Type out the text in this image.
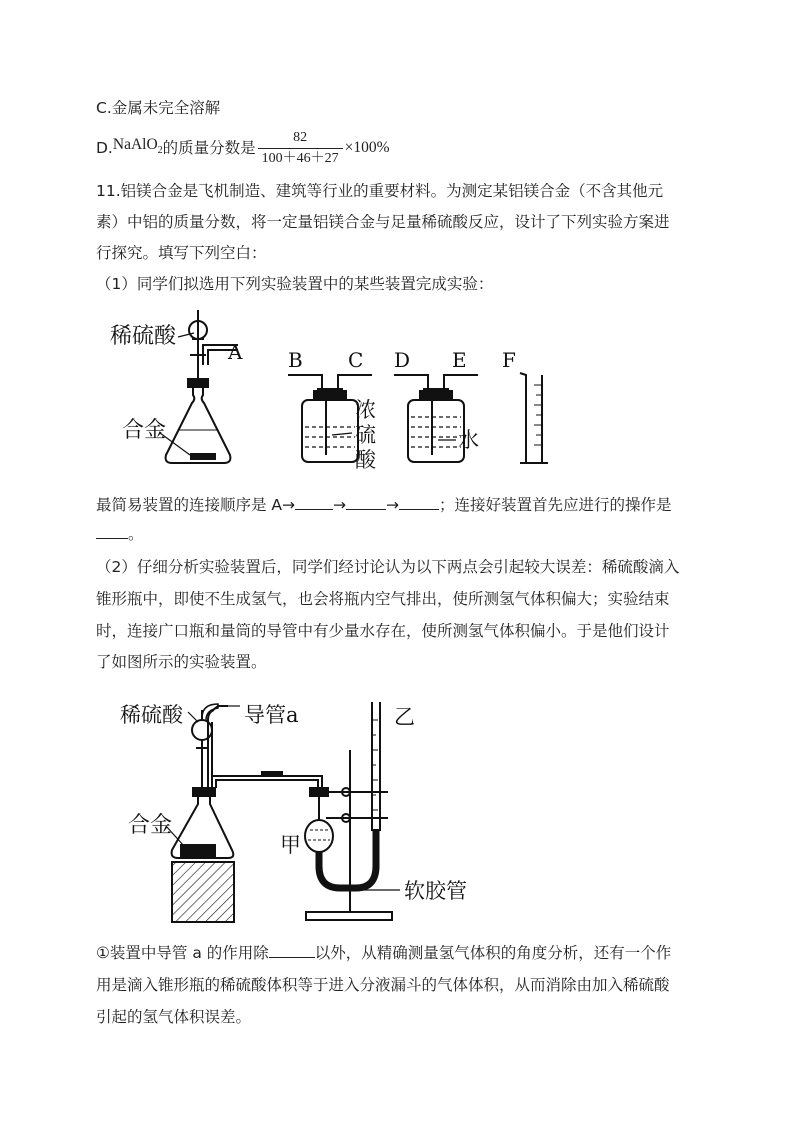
C.金属未完全溶解
D. NaAlO$_2$ 的质量分数是 $\frac{82}{100+46+27} \times 100\%$
11.铝镁合金是飞机制造、建筑等行业的重要材料。为测定某铝镁合金（不含其他元
素）中铝的质量分数，将一定量铝镁合金与足量稀硫酸反应，设计了下列实验方案进
行探究。填写下列空白：
（1）同学们拟选用下列实验装置中的某些装置完成实验：
稀硫酸
A
合金
B C D E F
浓
硫
酸
水
最简易装置的连接顺序是 A→ →	→	；连接好装置首先应进行的操作是
。
（2）仔细分析实验装置后，同学们经讨论认为以下两点会引起较大误差：稀硫酸滴入
锥形瓶中，即使不生成氢气，也会将瓶内空气排出，使所测氢气体积偏大；实验结束
时，连接广口瓶和量筒的导管中有少量水存在，使所测氢气体积偏小。于是他们设计
了如图所示的实验装置。
稀硫酸	导管a
合金
乙
甲
软胶管
①装置中导管 a 的作用除	以外，从精确测量氢气体积的角度分析，还有一个作
用是滴入锥形瓶的稀硫酸体积等于进入分液漏斗的气体体积，从而消除由加入稀硫酸
引起的氢气体积误差。
